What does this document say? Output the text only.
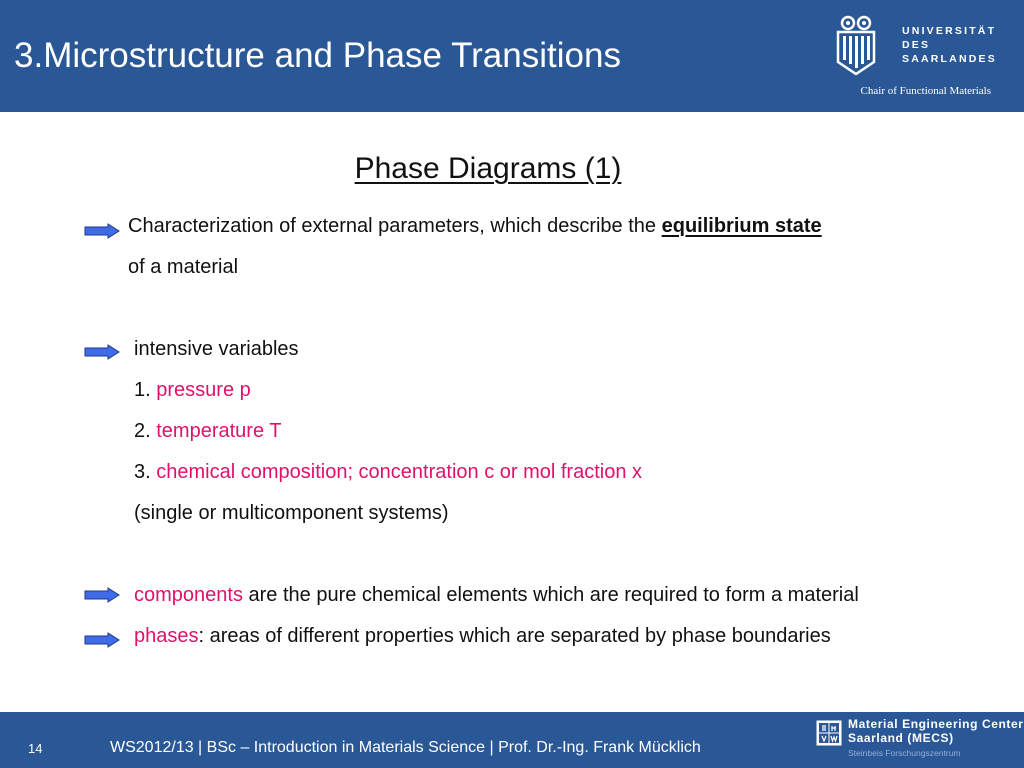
3.Microstructure and Phase Transitions
UNIVERSITÄT
DES
SAARLANDES
Chair of Functional Materials
Phase Diagrams (1)
Characterization of external parameters, which describe the equilibrium state
of a material
intensive variables
1. pressure p
2. temperature T
3. chemical composition; concentration c or mol fraction x
(single or multicomponent systems)
components are the pure chemical elements which are required to form a material
phases: areas of different properties which are separated by phase boundaries
14	WS2012/13 | BSc – Introduction in Materials Science | Prof. Dr.-Ing. Frank Mücklich
Material Engineering Center
Saarland (MECS)
Steinbeis Forschungszentrum
